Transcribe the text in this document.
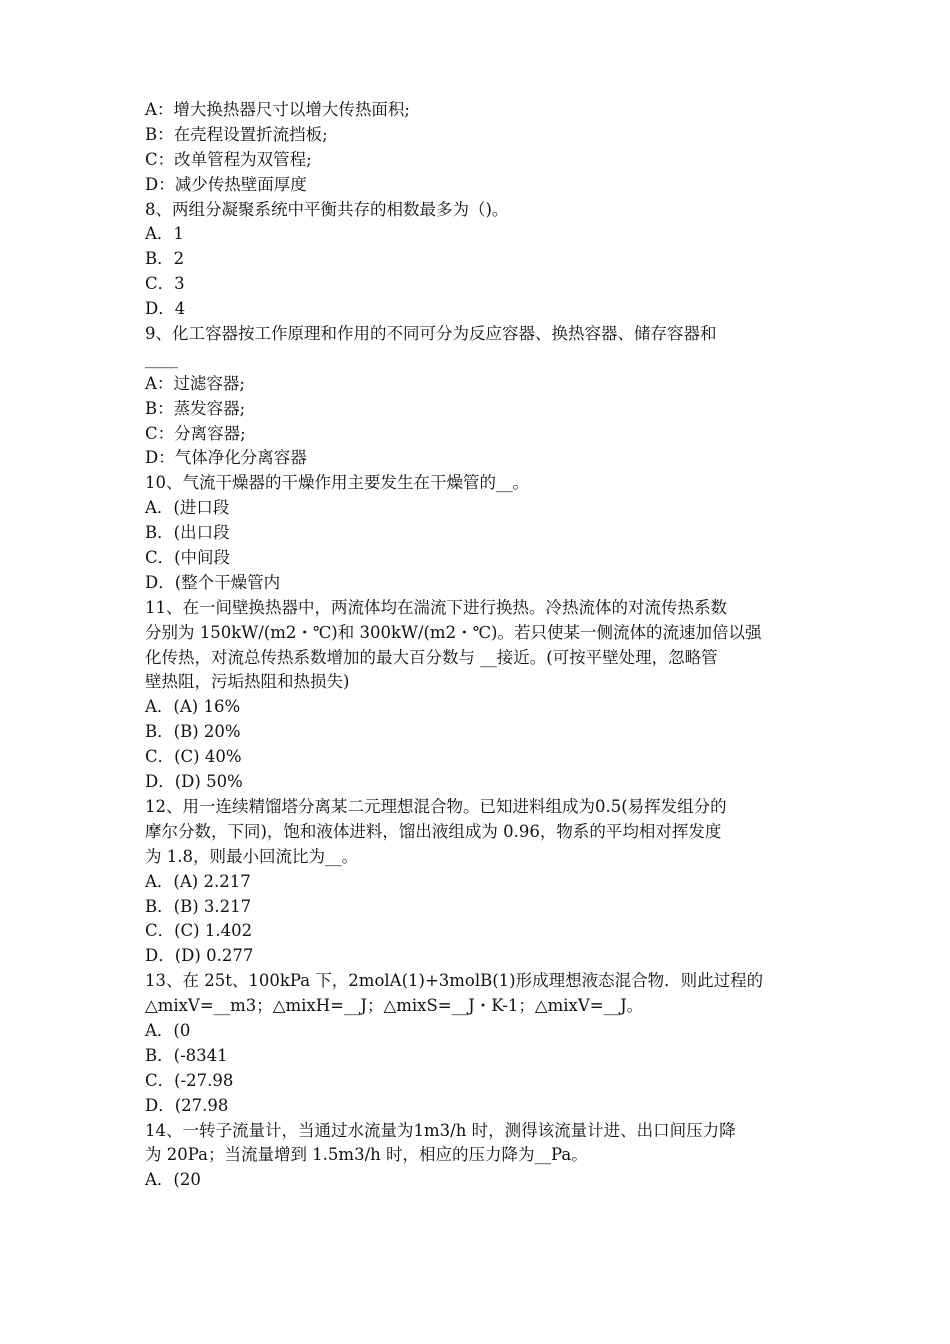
A：增大换热器尺寸以增大传热面积;
B：在壳程设置折流挡板;
C：改单管程为双管程;
D：减少传热壁面厚度
8、两组分凝聚系统中平衡共存的相数最多为（)。
A．1
B．2
C．3
D．4
9、化工容器按工作原理和作用的不同可分为反应容器、换热容器、储存容器和
____
A：过滤容器;
B：蒸发容器;
C：分离容器;
D：气体净化分离容器
10、气流干燥器的干燥作用主要发生在干燥管的__。
A．(进口段
B．(出口段
C．(中间段
D．(整个干燥管内
11、在一间壁换热器中，两流体均在湍流下进行换热。冷热流体的对流传热系数
分别为 150kW/(m2・℃)和 300kW/(m2・℃)。若只使某一侧流体的流速加倍以强
化传热，对流总传热系数增加的最大百分数与 __接近。(可按平壁处理，忽略管
壁热阻，污垢热阻和热损失)
A．(A) 16%
B．(B) 20%
C．(C) 40%
D．(D) 50%
12、用一连续精馏塔分离某二元理想混合物。已知进料组成为0.5(易挥发组分的
摩尔分数，下同)，饱和液体进料，馏出液组成为 0.96，物系的平均相对挥发度
为 1.8，则最小回流比为__。
A．(A) 2.217
B．(B) 3.217
C．(C) 1.402
D．(D) 0.277
13、在 25t、100kPa 下，2molA(1)+3molB(1)形成理想液态混合物．则此过程的
△mixV=__m3；△mixH=__J；△mixS=__J・K-1；△mixV=__J。
A．(0
B．(-8341
C．(-27.98
D．(27.98
14、一转子流量计，当通过水流量为1m3/h 时，测得该流量计进、出口间压力降
为 20Pa；当流量增到 1.5m3/h 时，相应的压力降为__Pa。
A．(20
